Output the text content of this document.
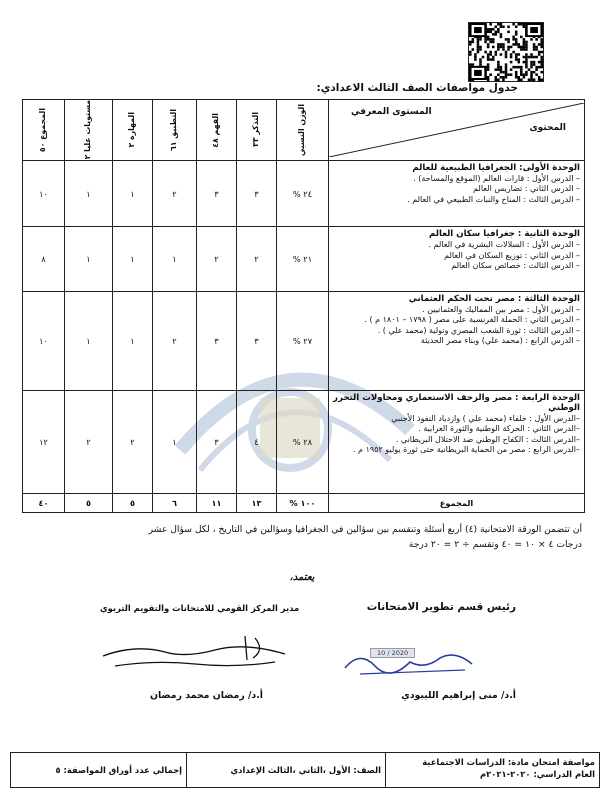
جدول مواصفات الصف الثالث الاعدادي:
المحتوى
المستوى المعرفي	الوزن النسبي	التذكر ٣٣	الفهم ٤٨	التطبيق ٦١	المهارة ٢	مستويات عليا ٢	المجموع ٥٠

الوحدة الأولى: الجغرافيا الطبيعية للعالم
– الدرس الأول : قارات العالم (الموقع والمساحة) .
– الدرس الثاني : تضاريس العالم
– الدرس الثالث : المناخ والنبات الطبيعي في العالم .	٢٤ %	٣	٣	٢	١	١	١٠

الوحدة الثانية : جغرافيا سكان العالم
– الدرس الأول : السلالات البشرية في العالم .
– الدرس الثاني : توزيع السكان في العالم
– الدرس الثالث : خصائص سكان العالم	٢١ %	٢	٢	١	١	١	٨

الوحدة الثالثة : مصر تحت الحكم العثماني
– الدرس الأول : مصر بين المماليك والعثمانيين .
– الدرس الثاني : الحملة الفرنسية على مصر ( ١٧٩٨ – ١٨٠١ م ) .
– الدرس الثالث : ثورة الشعب المصري وتولية (محمد علي ) .
– الدرس الرابع : (محمد علي) وبناء مصر الحديثة	٢٧ %	٣	٣	٢	١	١	١٠

الوحدة الرابعة : مصر والزحف الاستعماري ومحاولات التحرر الوطني
–الدرس الأول : خلفاء (محمد علي ) وازدياد النفوذ الأجنبي
–الدرس الثاني : الحركة الوطنية والثورة العرابية .
–الدرس الثالث : الكفاح الوطني ضد الاحتلال البريطاني .
–الدرس الرابع : مصر من الحماية البريطانية حتى ثورة يوليو ١٩٥٢ م .	٢٨ %	٤	٣	١	٢	٢	١٢
المجموع	١٠٠ %	١٣	١١	٦	٥	٥	٤٠
أن تتضمن الورقة الامتحانية (٤) أربع أسئلة وتنقسم بين سؤالين في الجغرافيا وسؤالين في التاريخ ، لكل سؤال عشر
درجات ٤ × ١٠ = ٤٠ وتقسم ÷ ٢ = ٢٠ درجة
يعتمد،
رئيس قسم تطوير الامتحانات
مدير المركز القومي للامتحانات والتقويم التربوي
10 / 2020
أ.د/ منى إبراهيم الليبودي
أ.د/ رمضان محمد رمضان
مواصفة امتحان مادة: الدراسات الاجتماعية
العام الدراسي: ٢٠٢٠-٢٠٢١م
الصف: الأول ،الثاني ،الثالث الإعدادي
إجمالي عدد أوراق المواصفة: ٥
